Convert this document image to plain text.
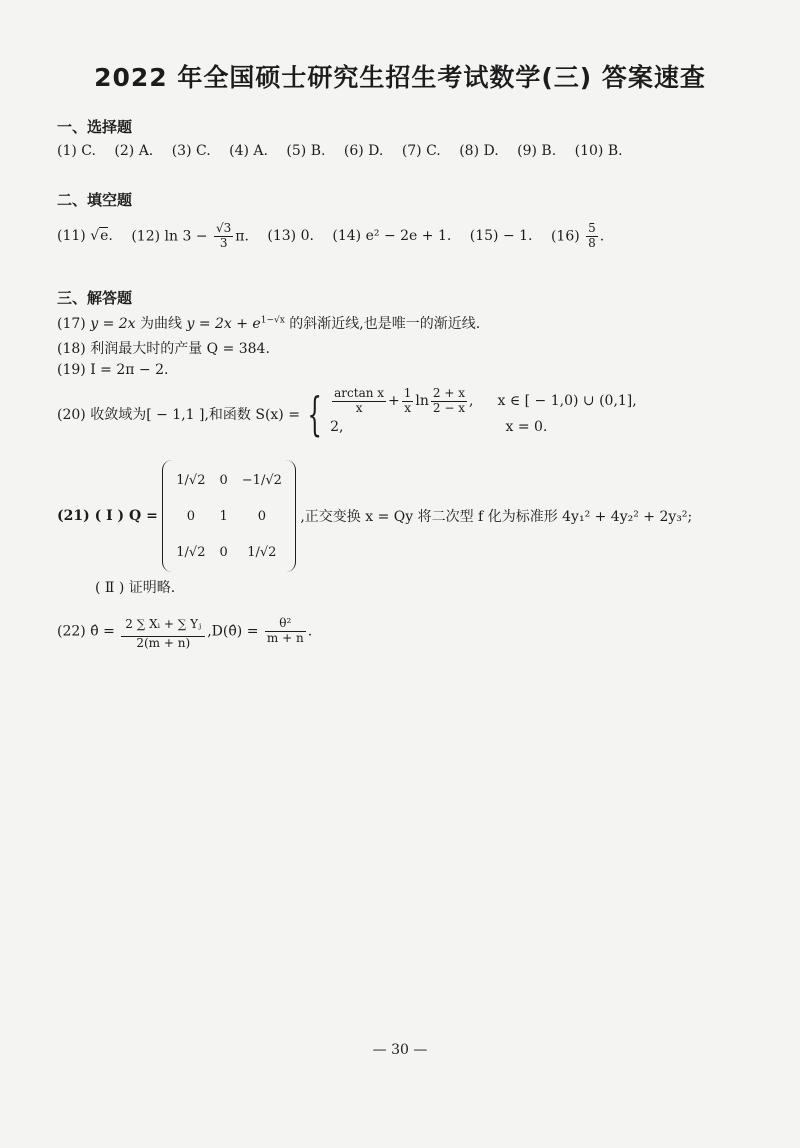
2022 年全国硕士研究生招生考试数学(三) 答案速查
一、选择题
(1) C. (2) A. (3) C. (4) A. (5) B. (6) D. (7) C. (8) D. (9) B. (10) B.
二、填空题
(11) √e. (12) $\ln 3 - \frac{√3}{3} \pi$. (13) 0. (14) e² − 2e + 1. (15) − 1. $(16) \frac{5}{8}$ .
三、解答题
(17) y = 2x 为曲线 $y = 2x + e^{1-√x}$ 的斜渐近线,也是唯一的渐近线.
(18) 利润最大时的产量 Q = 384.
(19) I = 2π − 2.
(20) 收敛域为[ − 1,1 ],和函数 S(x) = { $\frac{\text{arctan x}}{x} + \frac{1}{x}$ $\ln \frac{2 + x}{2 - x}$ , x ∈ [ − 1,0) ∪ (0,1],
2,	x = 0.
(21) ( Ⅰ ) Q =
1/√2	0	−1/√2
0	1	0
1/√2	0	1/√2
,正交变换 x = Qy 将二次型 f 化为标准形 4y₁² + 4y₂² + 2y₃²;
( Ⅱ ) 证明略.
(22) θ̂ = $\frac{\text{2 ∑ Xᵢ + ∑ Yⱼ}}{2(m + n)}$ ,D(θ̂) = $\frac{\text{θ²}}{m + n}$ .
— 30 —
